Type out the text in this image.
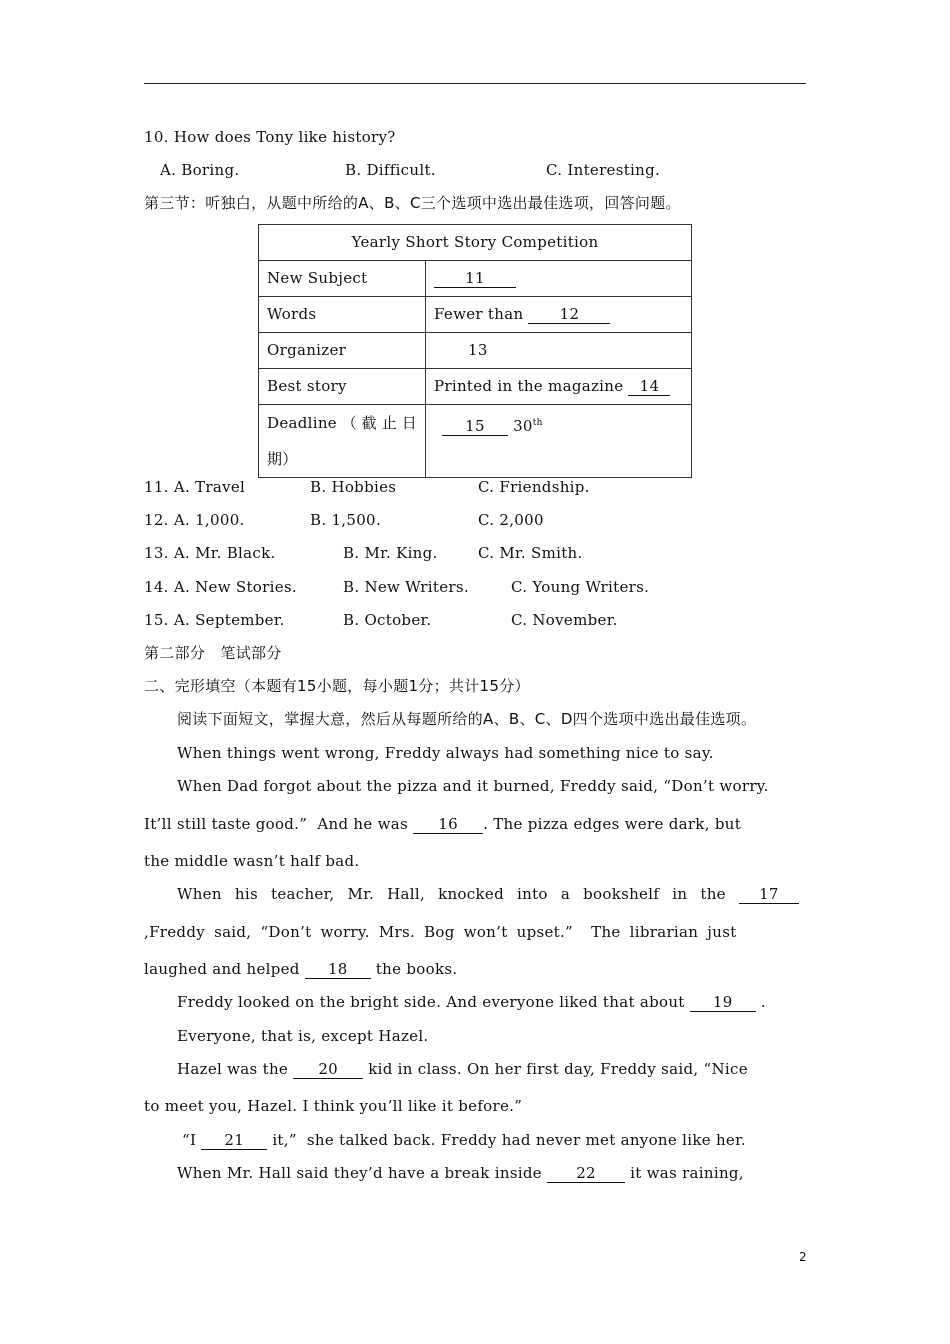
10. How does Tony like history?
A. Boring.	B. Difficult.	C. Interesting.
第三节：听独白，从题中所给的A、B、C三个选项中选出最佳选项，回答问题。
Yearly Short Story Competition	
New Subject	11
Words	Fewer than 12
Organizer	13
Best story	Printed in the magazine 14

Deadline（截止日
期）	15 30th
11. A. Travel	B. Hobbies	C. Friendship.
12. A. 1,000.	B. 1,500.	C. 2,000
13. A. Mr. Black.	B. Mr. King.	C. Mr. Smith.
14. A. New Stories.	B. New Writers.	C. Young Writers.
15. A. September.	B. October.	C. November.
第二部分   笔试部分
二、完形填空（本题有15小题，每小题1分；共计15分）
阅读下面短文，掌握大意，然后从每题所给的A、B、C、D四个选项中选出最佳选项。
When things went wrong, Freddy always had something nice to say.
When Dad forgot about the pizza and it burned, Freddy said, “Don’t worry.
It’ll still taste good.”  And he was 16 . The pizza edges were dark, but
the middle wasn’t half bad.
When his teacher, Mr. Hall, knocked into a bookshelf in the 17
,Freddy said, “Don’t worry. Mrs. Bog won’t upset.”  The librarian just
laughed and helped 18 the books.
Freddy looked on the bright side. And everyone liked that about 19 .
Everyone, that is, except Hazel.
Hazel was the 20 kid in class. On her first day, Freddy said, “Nice
to meet you, Hazel. I think you’ll like it before.”
“I 21 it,”  she talked back. Freddy had never met anyone like her.
When Mr. Hall said they’d have a break inside 22 it was raining,
2
